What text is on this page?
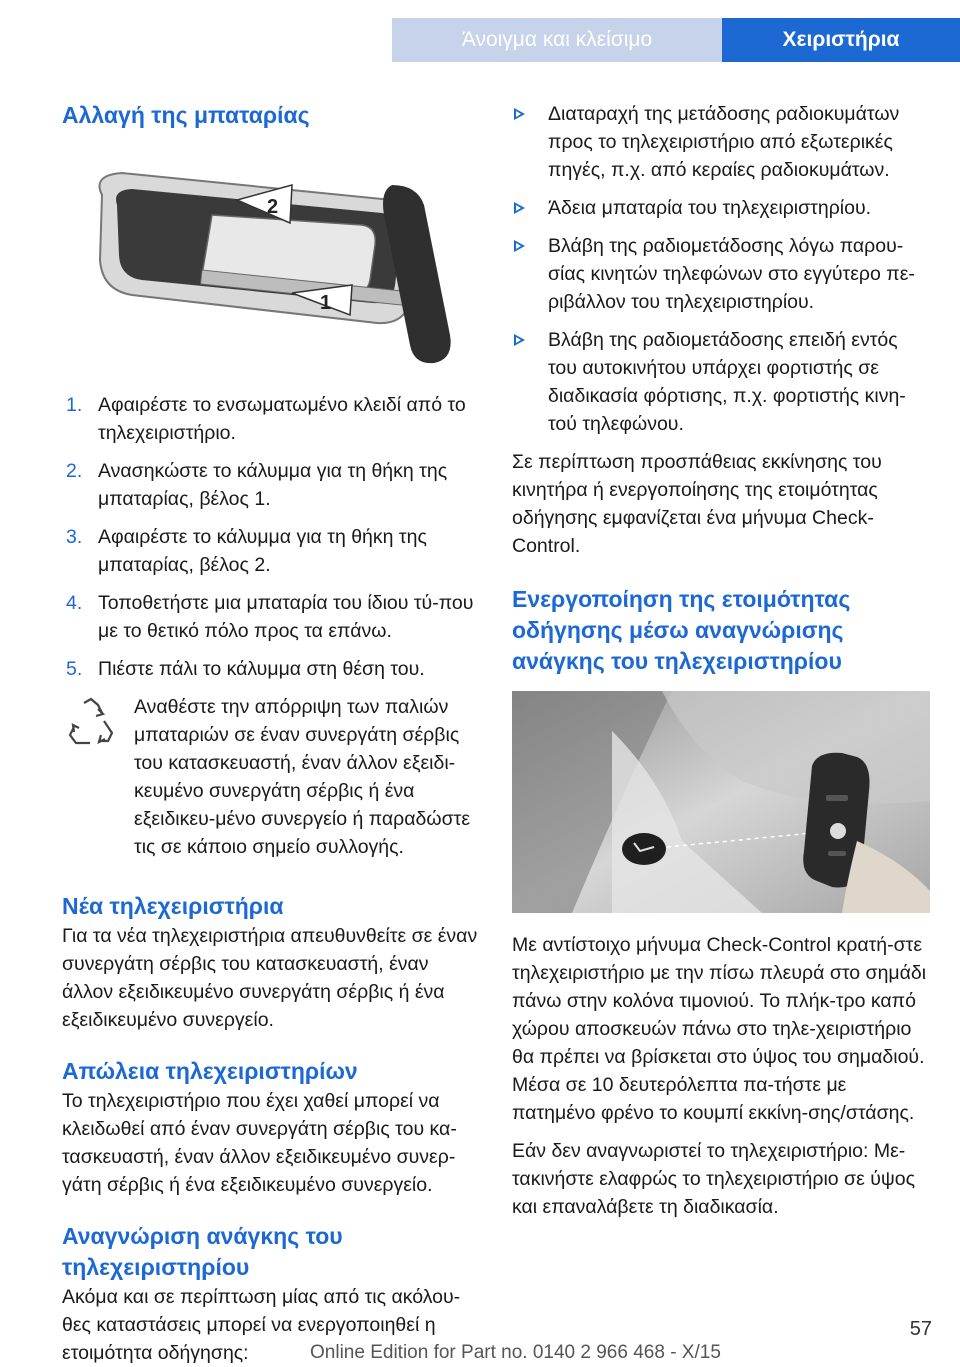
Άνοιγμα και κλείσιμο	Χειριστήρια
Αλλαγή της μπαταρίας
2
1
1. Αφαιρέστε το ενσωματωμένο κλειδί από το τηλεχειριστήριο.
2. Ανασηκώστε το κάλυμμα για τη θήκη της μπαταρίας, βέλος 1.
3. Αφαιρέστε το κάλυμμα για τη θήκη της μπαταρίας, βέλος 2.
4. Τοποθετήστε μια μπαταρία του ίδιου τύ-που με το θετικό πόλο προς τα επάνω.
5. Πιέστε πάλι το κάλυμμα στη θέση του.

Αναθέστε την απόρριψη των παλιών μπαταριών σε έναν συνεργάτη σέρβις του κατασκευαστή, έναν άλλον εξειδι-κευμένο συνεργάτη σέρβις ή ένα εξειδικευ-μένο συνεργείο ή παραδώστε τις σε κάποιο σημείο συλλογής.

Νέα τηλεχειριστήρια

Για τα νέα τηλεχειριστήρια απευθυνθείτε σε έναν συνεργάτη σέρβις του κατασκευαστή, έναν άλλον εξειδικευμένο συνεργάτη σέρβις ή ένα εξειδικευμένο συνεργείο.

Απώλεια τηλεχειριστηρίων

Το τηλεχειριστήριο που έχει χαθεί μπορεί να κλειδωθεί από έναν συνεργάτη σέρβις του κα-τασκευαστή, έναν άλλον εξειδικευμένο συνερ-γάτη σέρβις ή ένα εξειδικευμένο συνεργείο.

Αναγνώριση ανάγκης του τηλεχειριστηρίου

Ακόμα και σε περίπτωση μίας από τις ακόλου-θες καταστάσεις μπορεί να ενεργοποιηθεί η ετοιμότητα οδήγησης:

Διαταραχή της μετάδοσης ραδιοκυμάτων προς το τηλεχειριστήριο από εξωτερικές πηγές, π.χ. από κεραίες ραδιοκυμάτων.
Άδεια μπαταρία του τηλεχειριστηρίου.
Βλάβη της ραδιομετάδοσης λόγω παρου-σίας κινητών τηλεφώνων στο εγγύτερο πε-ριβάλλον του τηλεχειριστηρίου.
Βλάβη της ραδιομετάδοσης επειδή εντός του αυτοκινήτου υπάρχει φορτιστής σε διαδικασία φόρτισης, π.χ. φορτιστής κινη-τού τηλεφώνου.

Σε περίπτωση προσπάθειας εκκίνησης του κινητήρα ή ενεργοποίησης της ετοιμότητας οδήγησης εμφανίζεται ένα μήνυμα Check-Control.

Ενεργοποίηση της ετοιμότητας οδήγησης μέσω αναγνώρισης ανάγκης του τηλεχειριστηρίου

Με αντίστοιχο μήνυμα Check-Control κρατή-στε τηλεχειριστήριο με την πίσω πλευρά στο σημάδι πάνω στην κολόνα τιμονιού. Το πλήκ-τρο καπό χώρου αποσκευών πάνω στο τηλε-χειριστήριο θα πρέπει να βρίσκεται στο ύψος του σημαδιού. Μέσα σε 10 δευτερόλεπτα πα-τήστε με πατημένο φρένο το κουμπί εκκίνη-σης/στάσης.

Εάν δεν αναγνωριστεί το τηλεχειριστήριο: Με-τακινήστε ελαφρώς το τηλεχειριστήριο σε ύψος και επαναλάβετε τη διαδικασία.

57
Online Edition for Part no. 0140 2 966 468 - X/15
